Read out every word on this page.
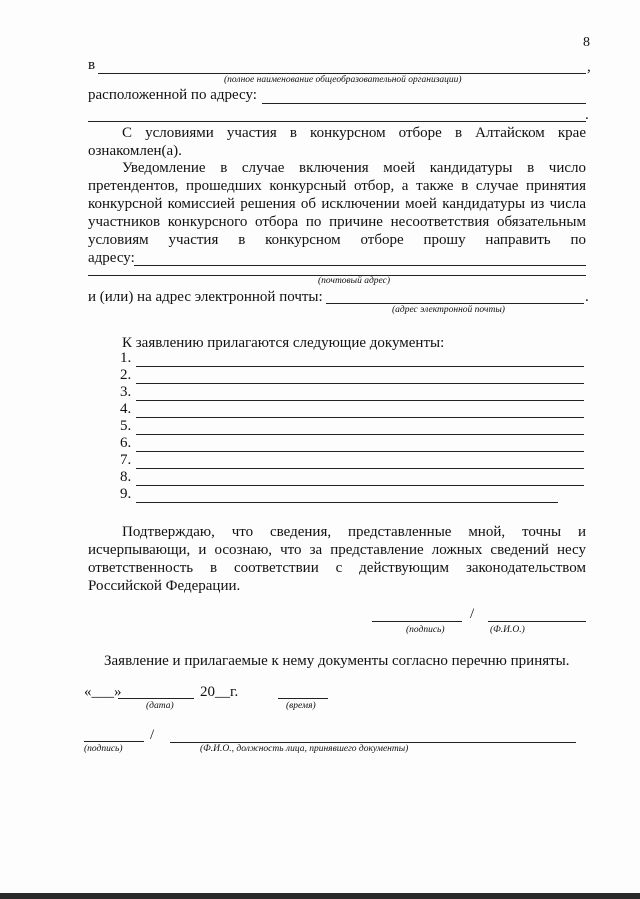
8
в	,
(полное наименование общеобразовательной организации)
расположенной по адресу:
.
С условиями участия в конкурсном отборе в Алтайском крае
ознакомлен(а).
Уведомление в случае включения моей кандидатуры в число
претендентов, прошедших конкурсный отбор, а также в случае принятия
конкурсной комиссией решения об исключении моей кандидатуры из числа
участников конкурсного отбора по причине несоответствия обязательным
условиям участия в конкурсном отборе прошу направить по
адресу:
(почтовый адрес)
и (или) на адрес электронной почты:	.
(адрес электронной почты)
К заявлению прилагаются следующие документы:
1.
2.
3.
4.
5.
6.
7.
8.
9.
Подтверждаю, что сведения, представленные мной, точны и
исчерпывающи, и осознаю, что за представление ложных сведений несу
ответственность в соответствии с действующим законодательством
Российской Федерации.
/
(подпись)	(Ф.И.О.)
Заявление и прилагаемые к нему документы согласно перечню приняты.
«___»	20__г.
(дата)	(время)
/
(подпись)	(Ф.И.О., должность лица, принявшего документы)
